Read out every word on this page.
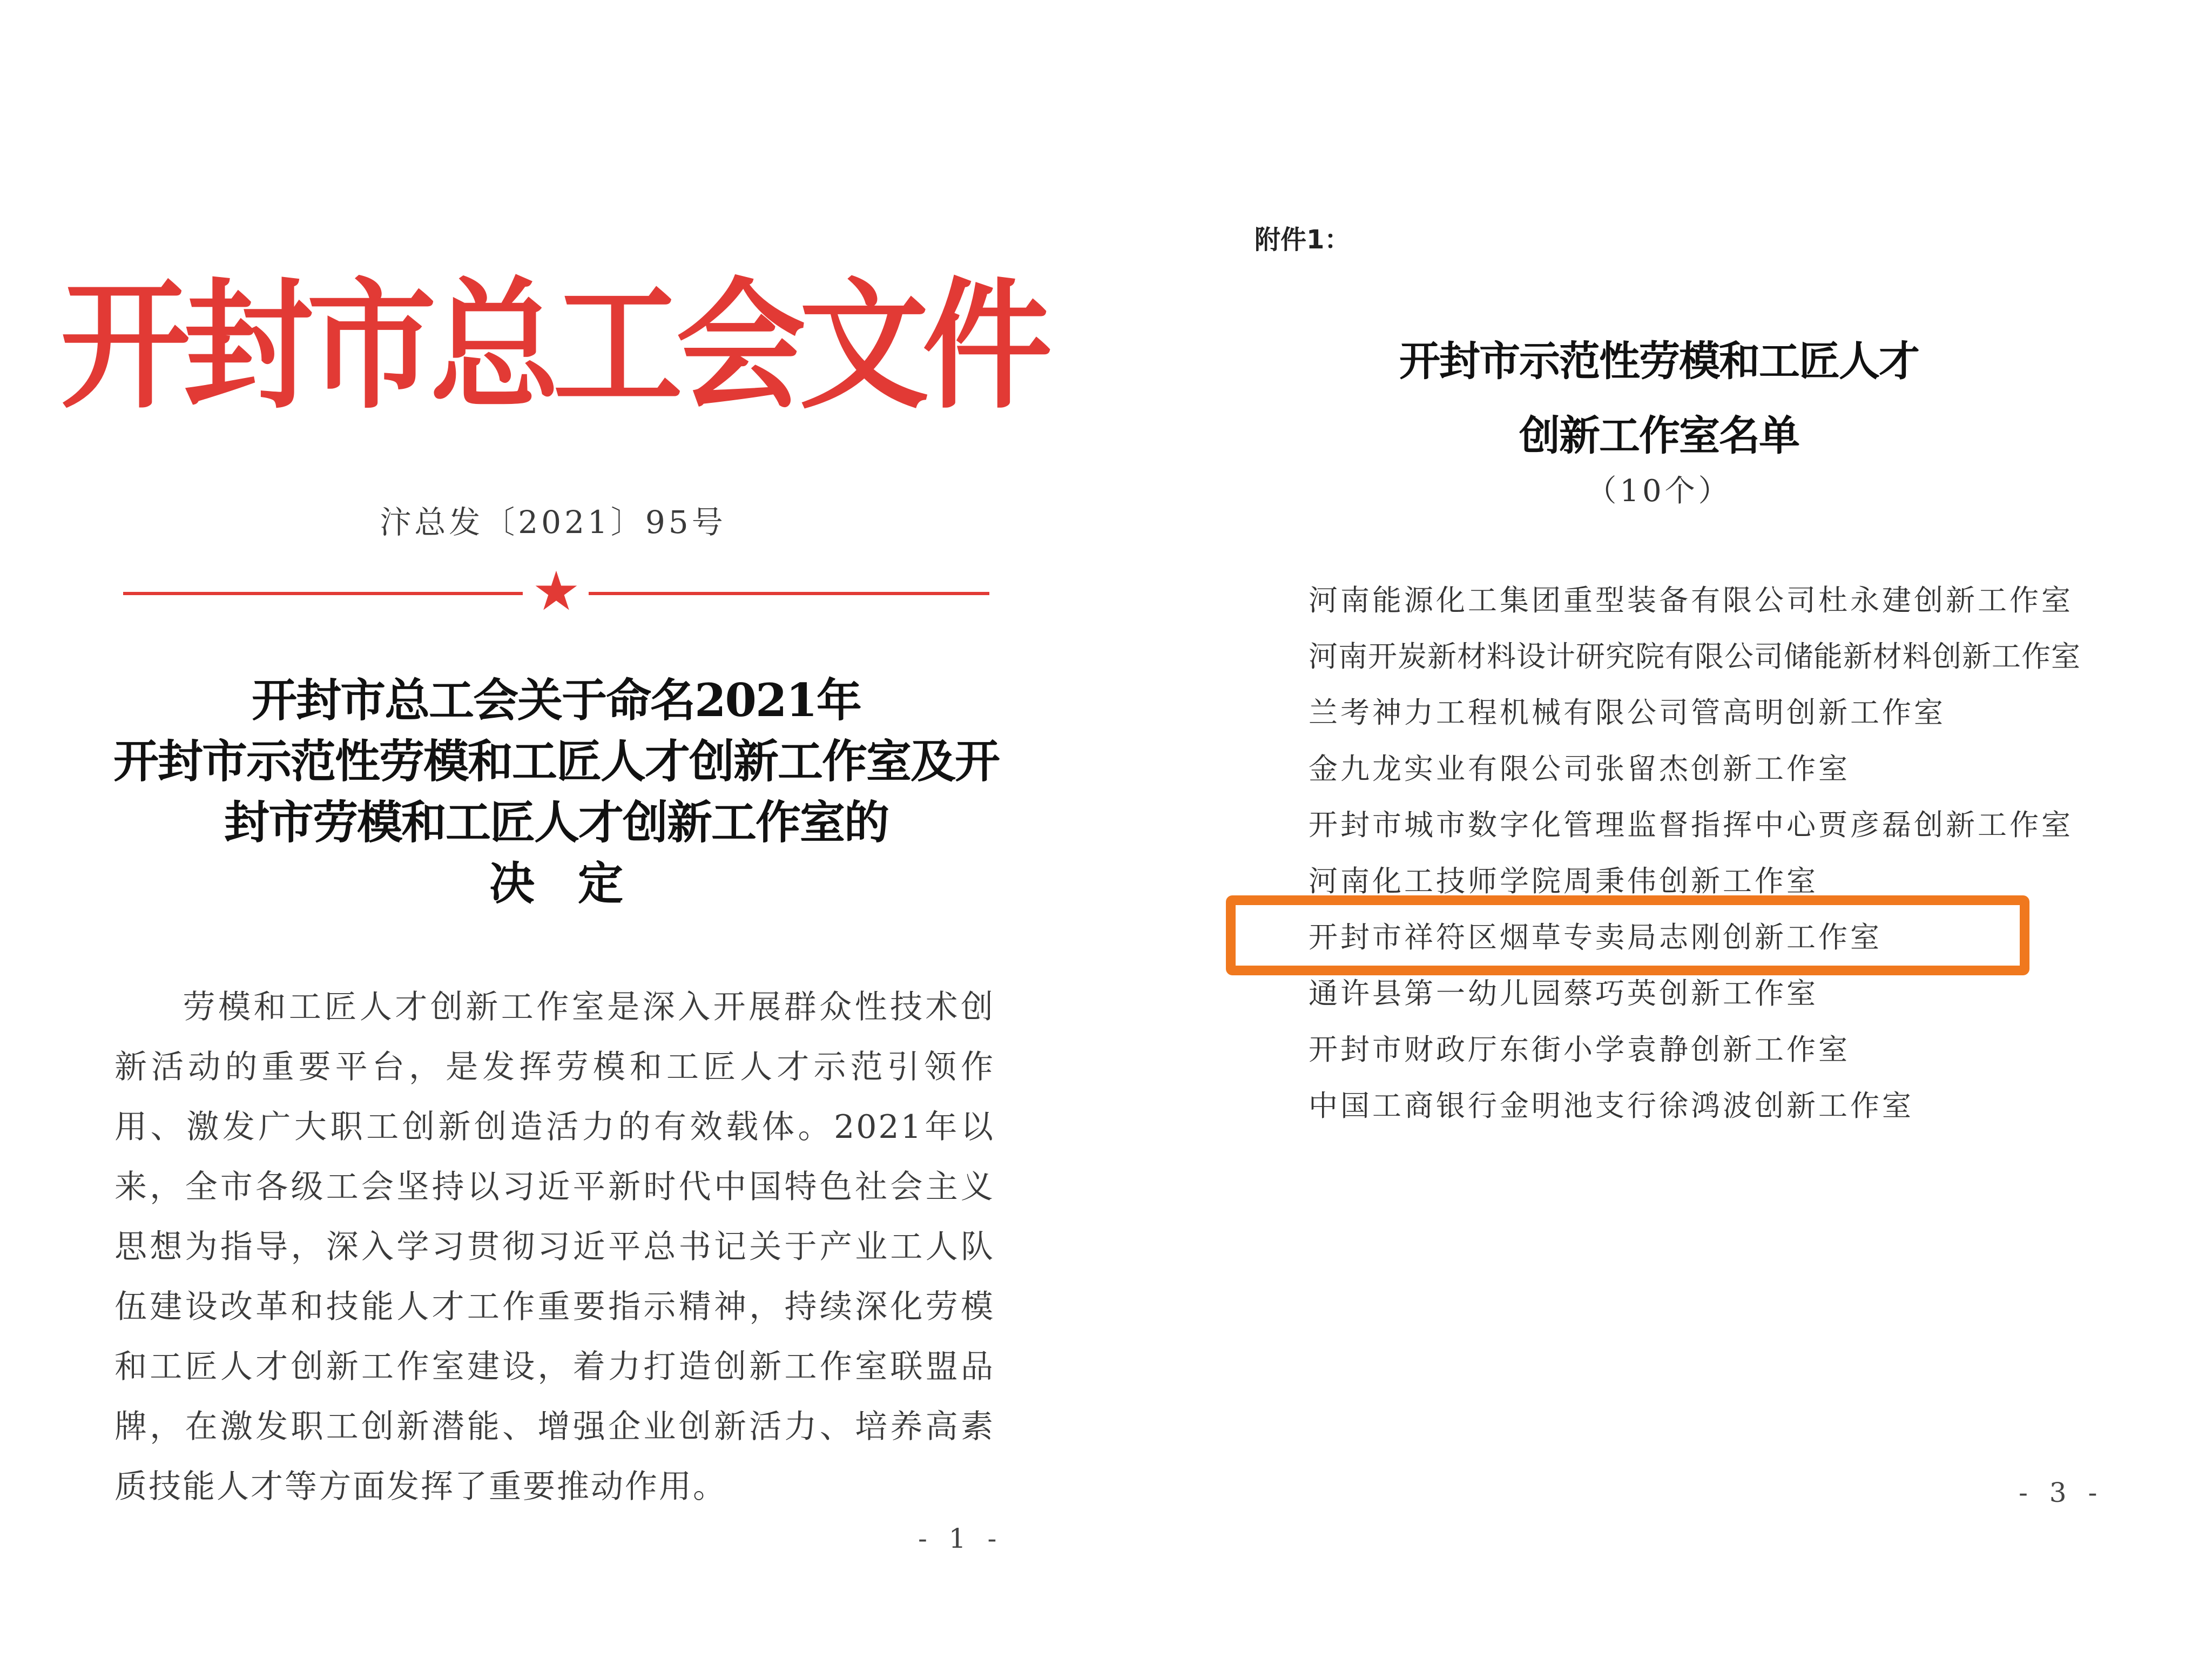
开封市总工会文件
汴总发〔2021〕95号
★
开封市总工会关于命名2021年
开封市示范性劳模和工匠人才创新工作室及开
封市劳模和工匠人才创新工作室的
决定
劳模和工匠人才创新工作室是深入开展群众性技术创新活动的重要平台，是发挥劳模和工匠人才示范引领作用、激发广大职工创新创造活力的有效载体。2021年以来，全市各级工会坚持以习近平新时代中国特色社会主义思想为指导，深入学习贯彻习近平总书记关于产业工人队伍建设改革和技能人才工作重要指示精神，持续深化劳模和工匠人才创新工作室建设，着力打造创新工作室联盟品牌，在激发职工创新潜能、增强企业创新活力、培养高素质技能人才等方面发挥了重要推动作用。
- 1 -
附件1：
开封市示范性劳模和工匠人才
创新工作室名单
（10个）
河南能源化工集团重型装备有限公司杜永建创新工作室
河南开炭新材料设计研究院有限公司储能新材料创新工作室
兰考神力工程机械有限公司管高明创新工作室
金九龙实业有限公司张留杰创新工作室
开封市城市数字化管理监督指挥中心贾彦磊创新工作室
河南化工技师学院周秉伟创新工作室
开封市祥符区烟草专卖局志刚创新工作室
通许县第一幼儿园蔡巧英创新工作室
开封市财政厅东街小学袁静创新工作室
中国工商银行金明池支行徐鸿波创新工作室
- 3 -
